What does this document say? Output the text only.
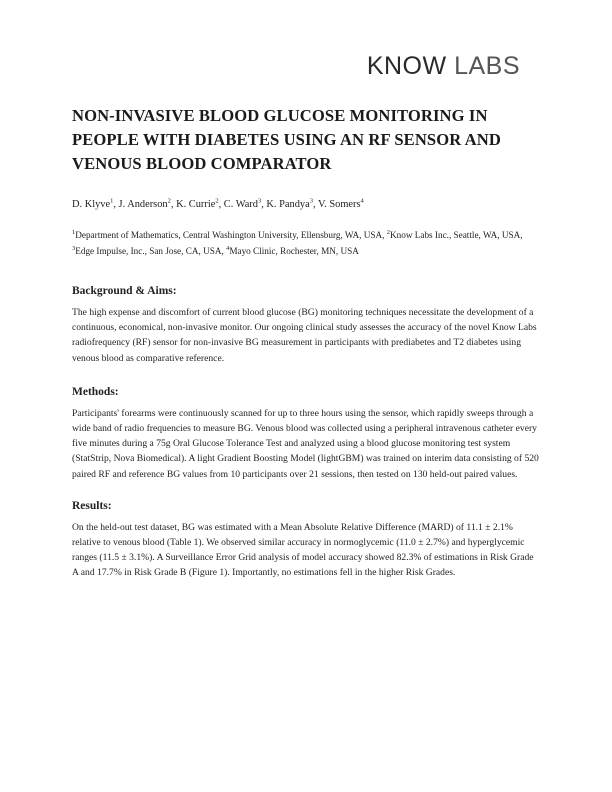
KNOW LABS
NON-INVASIVE BLOOD GLUCOSE MONITORING IN PEOPLE WITH DIABETES USING AN RF SENSOR AND VENOUS BLOOD COMPARATOR
D. Klyve$^1$, J. Anderson$^2$, K. Currie$^2$, C. Ward$^3$, K. Pandya$^3$, V. Somers$^4$
$^1$Department of Mathematics, Central Washington University, Ellensburg, WA, USA, $^2$Know Labs Inc., Seattle, WA, USA, $^3$Edge Impulse, Inc., San Jose, CA, USA, $^4$Mayo Clinic, Rochester, MN, USA
Background & Aims:

The high expense and discomfort of current blood glucose (BG) monitoring techniques necessitate the development of a continuous, economical, non-invasive monitor. Our ongoing clinical study assesses the accuracy of the novel Know Labs radiofrequency (RF) sensor for non-invasive BG measurement in participants with prediabetes and T2 diabetes using venous blood as comparative reference.

Methods:

Participants' forearms were continuously scanned for up to three hours using the sensor, which rapidly sweeps through a wide band of radio frequencies to measure BG. Venous blood was collected using a peripheral intravenous catheter every five minutes during a 75g Oral Glucose Tolerance Test and analyzed using a blood glucose monitoring test system (StatStrip, Nova Biomedical). A light Gradient Boosting Model (lightGBM) was trained on interim data consisting of 520 paired RF and reference BG values from 10 participants over 21 sessions, then tested on 130 held-out paired values.

Results:

On the held-out test dataset, BG was estimated with a Mean Absolute Relative Difference (MARD) of 11.1 ± 2.1% relative to venous blood (Table 1). We observed similar accuracy in normoglycemic (11.0 ± 2.7%) and hyperglycemic ranges (11.5 ± 3.1%). A Surveillance Error Grid analysis of model accuracy showed 82.3% of estimations in Risk Grade A and 17.7% in Risk Grade B (Figure 1). Importantly, no estimations fell in the higher Risk Grades.
